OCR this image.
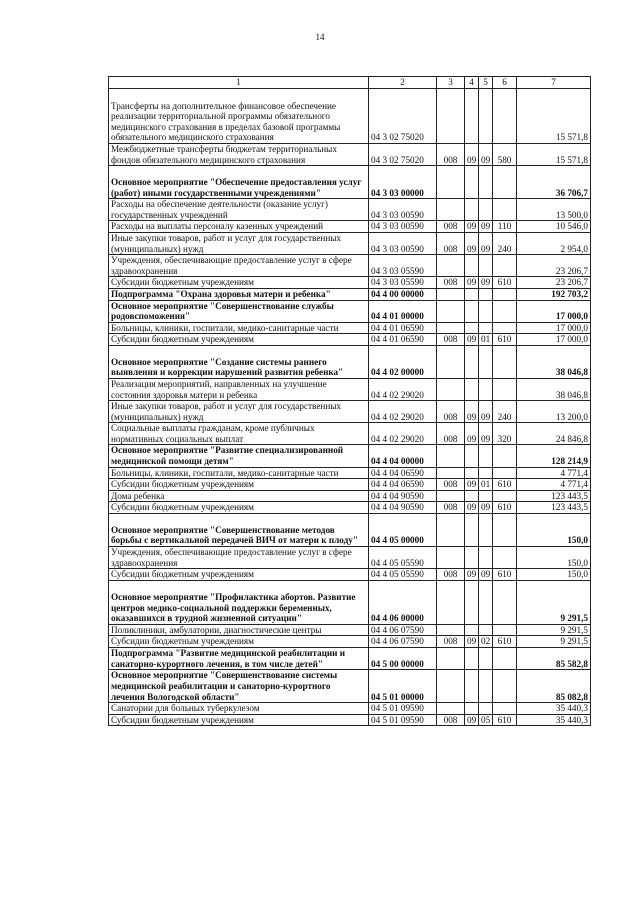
14
1	2	3	4	5	6	7
Трансферты на дополнительное финансовое обеспечение реализации территориальной программы обязательного медицинского страхования в пределах базовой программы обязательного медицинского страхования	04 3 02 75020					15 571,8
Межбюджетные трансферты бюджетам территориальных фондов обязательного медицинского страхования	04 3 02 75020	008	09	09	580	15 571,8
Основное мероприятие "Обеспечение предоставления услуг (работ) иными государственными учреждениями"	04 3 03 00000					36 706,7
Расходы на обеспечение деятельности (оказание услуг) государственных учреждений	04 3 03 00590					13 500,0
Расходы на выплаты персоналу казенных учреждений	04 3 03 00590	008	09	09	110	10 546,0
Иные закупки товаров, работ и услуг для государственных (муниципальных) нужд	04 3 03 00590	008	09	09	240	2 954,0
Учреждения, обеспечивающие предоставление услуг в сфере здравоохранения	04 3 03 05590					23 206,7
Субсидии бюджетным учреждениям	04 3 03 05590	008	09	09	610	23 206,7
Подпрограмма "Охрана здоровья матери и ребенка"	04 4 00 00000					192 703,2
Основное мероприятие "Совершенствование службы родовспоможения"	04 4 01 00000					17 000,0
Больницы, клиники, госпитали, медико-санитарные части	04 4 01 06590					17 000,0
Субсидии бюджетным учреждениям	04 4 01 06590	008	09	01	610	17 000,0
Основное мероприятие "Создание системы раннего выявления и коррекции нарушений развития ребенка"	04 4 02 00000					38 046,8
Реализация мероприятий, направленных на улучшение состояния здоровья матери и ребенка	04 4 02 29020					38 046,8
Иные закупки товаров, работ и услуг для государственных (муниципальных) нужд	04 4 02 29020	008	09	09	240	13 200,0
Социальные выплаты гражданам, кроме публичных нормативных социальных выплат	04 4 02 29020	008	09	09	320	24 846,8
Основное мероприятие "Развитие специализированной медицинской помощи детям"	04 4 04 00000					128 214,9
Больницы, клиники, госпитали, медико-санитарные части	04 4 04 06590					4 771,4
Субсидии бюджетным учреждениям	04 4 04 06590	008	09	01	610	4 771,4
Дома ребенка	04 4 04 90590					123 443,5
Субсидии бюджетным учреждениям	04 4 04 90590	008	09	09	610	123 443,5
Основное мероприятие "Совершенствование методов борьбы с вертикальной передачей ВИЧ от матери к плоду"	04 4 05 00000					150,0
Учреждения, обеспечивающие предоставление услуг в сфере здравоохранения	04 4 05 05590					150,0
Субсидии бюджетным учреждениям	04 4 05 05590	008	09	09	610	150,0
Основное мероприятие "Профилактика абортов. Развитие центров медико-социальной поддержки беременных, оказавшихся в трудной жизненной ситуации"	04 4 06 00000					9 291,5
Поликлиники, амбулатории, диагностические центры	04 4 06 07590					9 291,5
Субсидии бюджетным учреждениям	04 4 06 07590	008	09	02	610	9 291,5
Подпрограмма "Развитие медицинской реабилитации и санаторно-курортного лечения, в том числе детей"	04 5 00 00000					85 582,8
Основное мероприятие "Совершенствование системы медицинской реабилитации и санаторно-курортного лечения Вологодской области"	04 5 01 00000					85 082,8
Санатории для больных туберкулезом	04 5 01 09590					35 440,3
Субсидии бюджетным учреждениям	04 5 01 09590	008	09	05	610	35 440,3
